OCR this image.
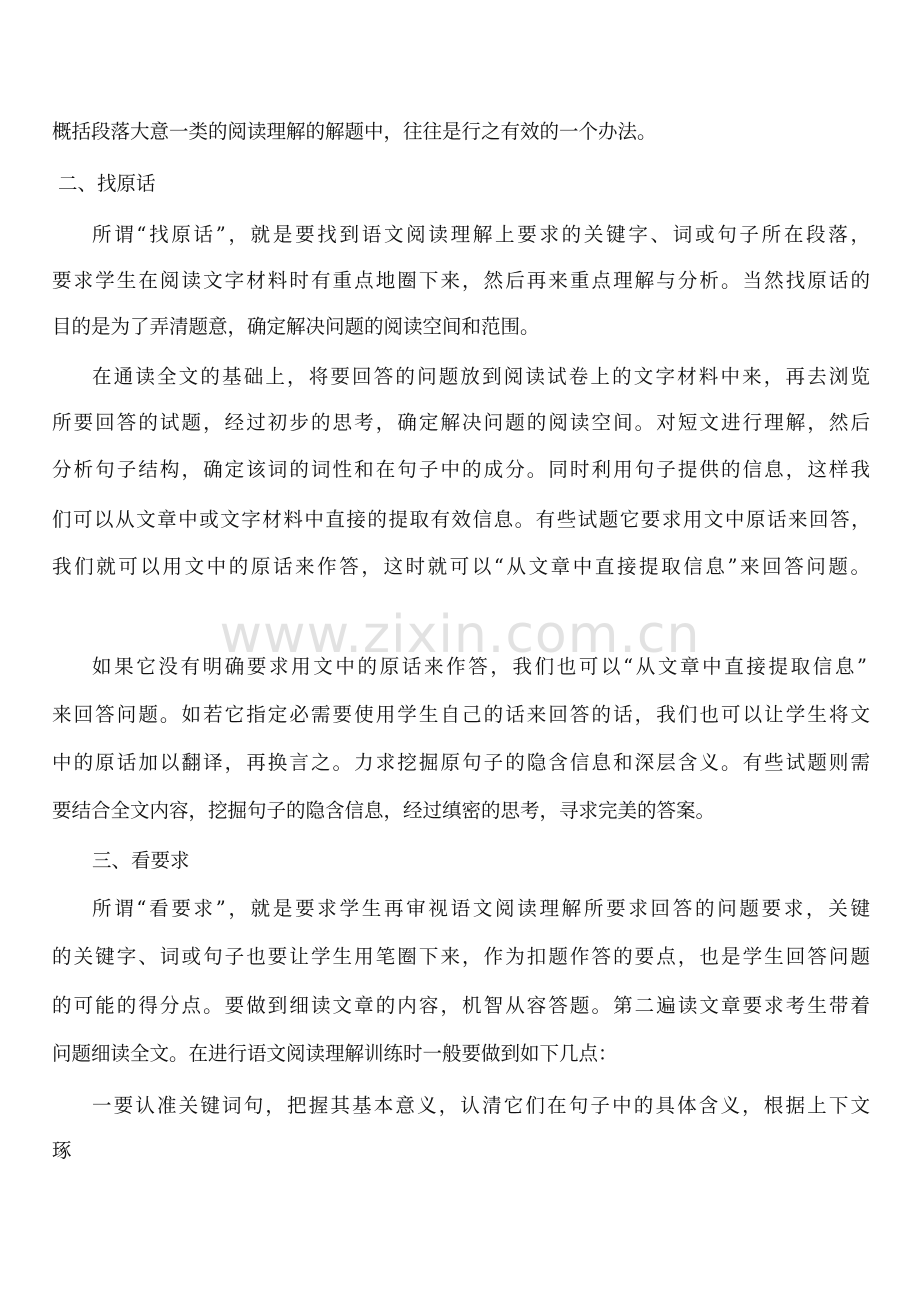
www.zixin.com.cn
概括段落大意一类的阅读理解的解题中，往往是行之有效的一个办法。
二、找原话
所谓“找原话”，就是要找到语文阅读理解上要求的关键字、词或句子所在段落，
要求学生在阅读文字材料时有重点地圈下来，然后再来重点理解与分析。当然找原话的
目的是为了弄清题意，确定解决问题的阅读空间和范围。
在通读全文的基础上，将要回答的问题放到阅读试卷上的文字材料中来，再去浏览
所要回答的试题，经过初步的思考，确定解决问题的阅读空间。对短文进行理解，然后
分析句子结构，确定该词的词性和在句子中的成分。同时利用句子提供的信息，这样我
们可以从文章中或文字材料中直接的提取有效信息。有些试题它要求用文中原话来回答，
我们就可以用文中的原话来作答，这时就可以“从文章中直接提取信息”来回答问题。
如果它没有明确要求用文中的原话来作答，我们也可以“从文章中直接提取信息”
来回答问题。如若它指定必需要使用学生自己的话来回答的话，我们也可以让学生将文
中的原话加以翻译，再换言之。力求挖掘原句子的隐含信息和深层含义。有些试题则需
要结合全文内容，挖掘句子的隐含信息，经过缜密的思考，寻求完美的答案。
三、看要求
所谓“看要求”，就是要求学生再审视语文阅读理解所要求回答的问题要求，关键
的关键字、词或句子也要让学生用笔圈下来，作为扣题作答的要点，也是学生回答问题
的可能的得分点。要做到细读文章的内容，机智从容答题。第二遍读文章要求考生带着
问题细读全文。在进行语文阅读理解训练时一般要做到如下几点：
一要认准关键词句，把握其基本意义，认清它们在句子中的具体含义，根据上下文
琢
